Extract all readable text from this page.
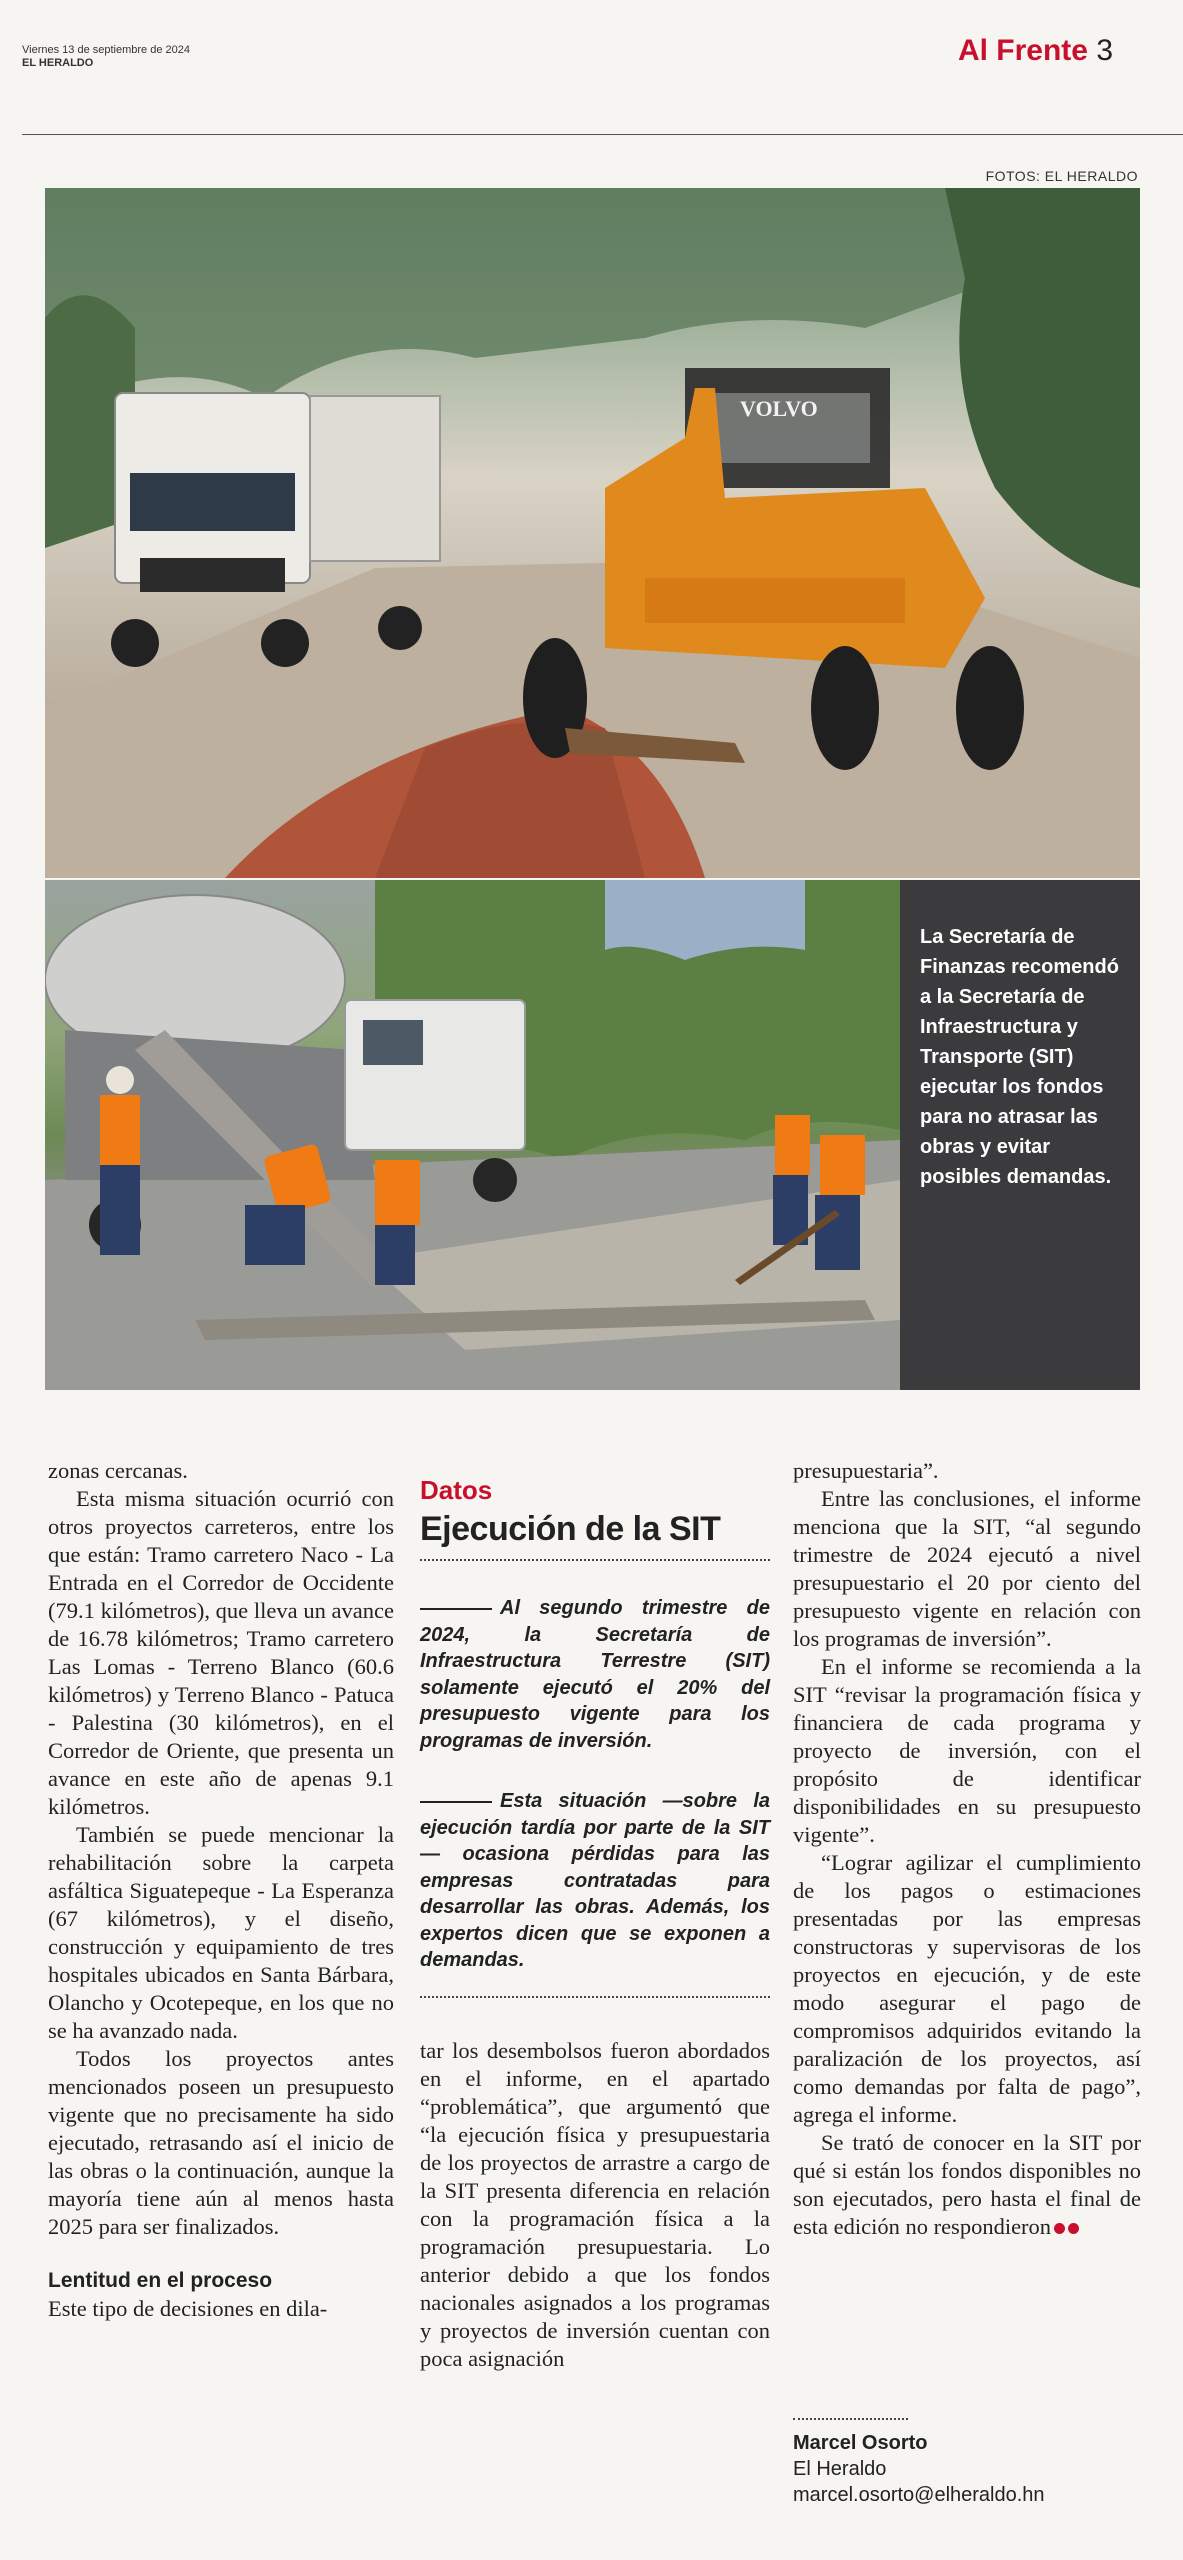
Viernes 13 de septiembre de 2024
EL HERALDO	Al Frente 3
FOTOS: EL HERALDO
VOLVO

La Secretaría de Finanzas recomendó a la Secretaría de Infraestructura y Transporte (SIT) ejecutar los fondos para no atrasar las obras y evitar posibles demandas.

zonas cercanas.

Esta misma situación ocurrió con otros proyectos carreteros, entre los que están: Tramo carretero Naco - La Entrada en el Corredor de Occidente (79.1 kilómetros), que lleva un avance de 16.78 kilómetros; Tramo carretero Las Lomas - Terreno Blanco (60.6 kilómetros) y Terreno Blanco - Patuca - Palestina (30 kilómetros), en el Corredor de Oriente, que presenta un avance en este año de apenas 9.1 kilómetros.

También se puede mencionar la rehabilitación sobre la carpeta asfáltica Siguatepeque - La Esperanza (67 kilómetros), y el diseño, construcción y equipamiento de tres hospitales ubicados en Santa Bárbara, Olancho y Ocotepeque, en los que no se ha avanzado nada.

Todos los proyectos antes mencionados poseen un presupuesto vigente que no precisamente ha sido ejecutado, retrasando así el inicio de las obras o la continuación, aunque la mayoría tiene aún al menos hasta 2025 para ser finalizados.

Lentitud en el proceso

Este tipo de decisiones en dila-

Datos
Ejecución de la SIT
Al segundo trimestre de 2024, la Secretaría de Infraestructura Terrestre (SIT) solamente ejecutó el 20% del presupuesto vigente para los programas de inversión.
Esta situación —sobre la ejecución tardía por parte de la SIT— ocasiona pérdidas para las empresas contratadas para desarrollar las obras. Además, los expertos dicen que se exponen a demandas.

tar los desembolsos fueron abordados en el informe, en el apartado “problemática”, que argumentó que “la ejecución física y presupuestaria de los proyectos de arrastre a cargo de la SIT presenta diferencia en relación con la programación física a la programación presupuestaria. Lo anterior debido a que los fondos nacionales asignados a los programas y proyectos de inversión cuentan con poca asignación

presupuestaria”.

Entre las conclusiones, el informe menciona que la SIT, “al segundo trimestre de 2024 ejecutó a nivel presupuestario el 20 por ciento del presupuesto vigente en relación con los programas de inversión”.

En el informe se recomienda a la SIT “revisar la programación física y financiera de cada programa y proyecto de inversión, con el propósito de identificar disponibilidades en su presupuesto vigente”.

“Lograr agilizar el cumplimiento de los pagos o estimaciones presentadas por las empresas constructoras y supervisoras de los proyectos en ejecución, y de este modo asegurar el pago de compromisos adquiridos evitando la paralización de los proyectos, así como demandas por falta de pago”, agrega el informe.

Se trató de conocer en la SIT por qué si están los fondos disponibles no son ejecutados, pero hasta el final de esta edición no respondieron

Marcel Osorto
El Heraldo
marcel.osorto@elheraldo.hn
